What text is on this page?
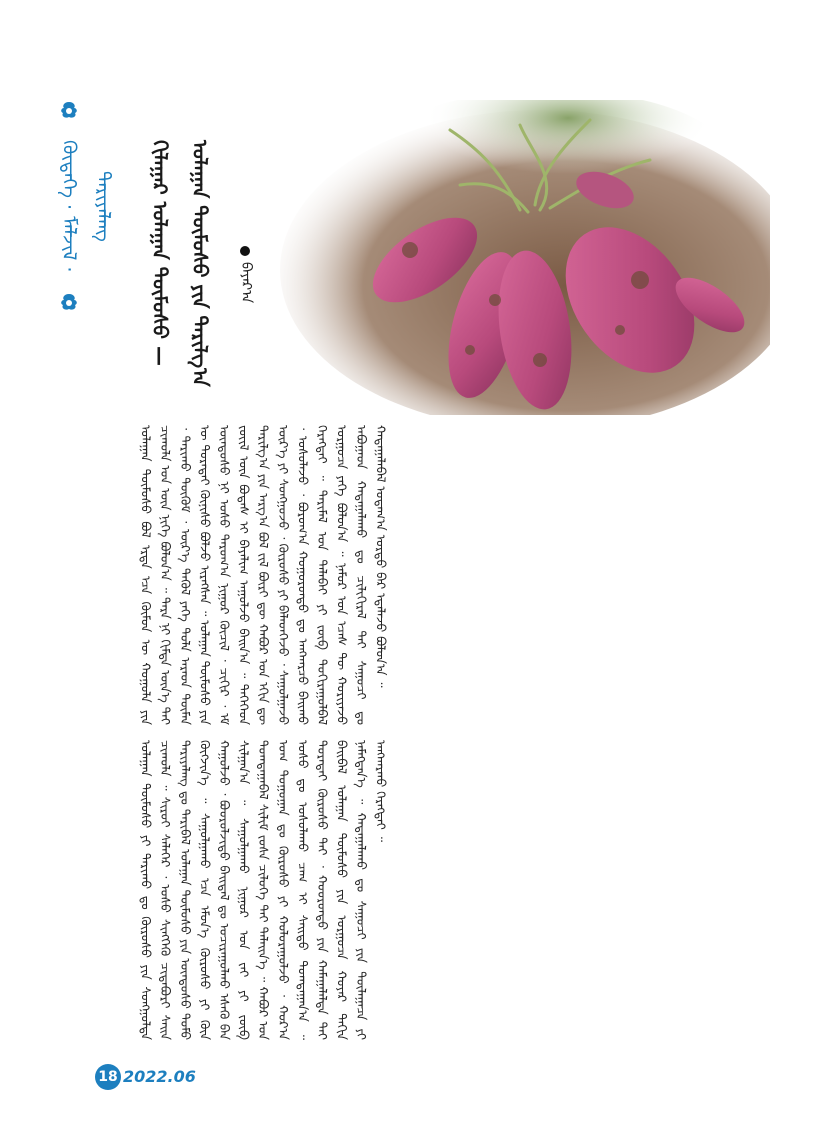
ᠬᠥᠳᠡᠭᠡ · ᠮᠠᠯᠵᠢᠯ · ᠲᠠᠷᠢᠶᠠᠯᠠᠩ	ᠭᠢᠯᠠᠭᠠᠷ ᠤᠯᠠᠭᠠᠨ ᠲᠥᠮᠦᠰᠦ — ᠤᠯᠠᠭᠠᠨ ᠲᠥᠮᠦᠰᠦ ᠶᠢᠨ ᠲᠠᠷᠢᠯᠭ᠎ᠠ	ᠪᠠᠶᠠᠷ᠎ᠠ
ᠤᠯᠠᠭᠠᠨ ᠲᠥᠮᠦᠰᠦ ᠪᠣᠯ ᠡᠷᠲᠡ ᠡᠴᠡ ᠬᠦᠮᠦᠨ ᠦ ᠬᠣᠭᠣᠯᠠ ᠶᠢᠨ ᠴᠢᠬᠤᠯᠠ ᠡᠳ ᠦᠨ ᠨᠢᠭᠡ ᠪᠣᠯᠤᠨ᠎ᠠ ᠃ ᠲᠡᠷᠡ ᠨᠢ ᠬᠢᠮᠳᠠ ᠦᠨ᠎ᠡ ᠲᠡᠢ ᠂ ᠲᠠᠷᠢᠬᠤ ᠳᠥᠭᠦᠮ ᠂ ᠦᠷ᠎ᠡ ᠲᠡᠭᠦᠯ ᠶᠡᠬᠡ ᠲᠤᠯᠠ ᠠᠷᠠᠳ ᠲᠦᠮᠡᠨ ᠦ ᠳᠤᠷᠠᠲᠠᠢ ᠬᠦᠨᠢᠰᠦ ᠪᠣᠯᠵᠤ ᠢᠷᠡᠭᠰᠡᠨ ᠃ ᠤᠯᠠᠭᠠᠨ ᠲᠥᠮᠦᠰᠦ ᠶᠢᠨ ᠦᠨᠳᠦᠰᠦ ᠨᠢ ᠤᠰᠤ ᠲᠠᠷᠤᠭ᠎ᠠ ᠨᠢᠭᠤᠷ ᠬᠦᠴᠢᠯ ᠂ ᠴᠢᠬᠢᠷ ᠂ ᠡᠮ ᠵᠦᠢᠯ ᠦᠨ ᠪᠣᠳᠠᠰ ᠢ ᠪᠠᠶᠠᠯᠢᠭ ᠠᠭᠤᠯᠵᠤ ᠪᠠᠢᠨ᠎ᠠ ᠃ ᠲᠡᠭᠡᠭᠡᠳ ᠲᠠᠷᠢᠯᠭ᠎ᠠ ᠶᠢᠨ ᠠᠷᠭ᠎ᠠ ᠪᠣᠯ ᠵᠢᠯ ᠪᠦᠷᠢ ᠳᠦ ᠬᠠᠪᠤᠷ ᠤᠨ ᠡᠬᠢᠨ ᠳᠦ ᠦᠷ᠎ᠡ ᠶᠢ ᠰᠣᠩᠭᠤᠵᠤ ᠂ ᠬᠥᠷᠦᠰᠦ ᠶᠢ ᠪᠡᠯᠡᠳᠬᠡᠵᠦ ᠂ ᠰᠠᠭᠤᠯᠭᠠᠵᠤ ᠂ ᠤᠰᠤᠯᠠᠵᠤ ᠂ ᠪᠣᠷᠤᠭ᠎ᠠ ᠬᠣᠭᠣᠷᠤᠨᠳᠤ ᠳᠤ ᠠᠩᠬᠠᠷᠴᠤ ᠪᠠᠢᠬᠤ ᠬᠡᠷᠡᠭᠲᠡᠢ ᠃ ᠲᠠᠷᠢᠮᠠᠯ ᠤᠨ ᠲᠠᠯᠠᠪᠠᠢ ᠶᠢ ᠵᠥᠪ ᠲᠣᠬᠢᠷᠠᠭᠤᠯᠪᠠᠯ ᠤᠷᠭᠤᠴᠠ ᠶᠡᠬᠡ ᠪᠣᠯᠤᠨ᠎ᠠ ᠃ ᠨᠠᠮᠤᠷ ᠤᠨ ᠡᠴᠡᠰ ᠲᠦ ᠬᠤᠷᠢᠶᠠᠵᠤ ᠠᠪᠤᠭᠠᠳ ᠬᠠᠳᠠᠭᠠᠯᠠᠬᠤ ᠳᠤ ᠴᠢᠯᠢᠭᠢᠷᠠᠯ ᠲᠠᠢ ᠰᠠᠭᠤᠴᠢ ᠳᠤ ᠬᠠᠳᠠᠭᠠᠯᠠᠪᠠᠯ ᠤᠳᠠᠭ᠎ᠠ ᠤᠷᠲᠤ ᠪᠠᠷ ᠡᠳᠡᠯᠡᠵᠦ ᠪᠣᠯᠤᠨ᠎ᠠ ᠃
ᠤᠯᠠᠭᠠᠨ ᠲᠥᠮᠦᠰᠦ ᠶᠢ ᠲᠠᠷᠢᠬᠤ ᠳᠤ ᠬᠥᠷᠦᠰᠦ ᠶᠢᠨ ᠰᠣᠩᠭᠣᠯᠲᠠ ᠴᠢᠬᠤᠯᠠ ᠃ ᠰᠢᠷᠣᠢ ᠰᠡᠯᠡᠭᠡᠷ ᠂ ᠤᠰᠤ ᠰᠢᠩᠭᠡᠬᠦ ᠴᠢᠳᠠᠪᠤᠷᠢ ᠰᠠᠢᠨ ᠲᠠᠷᠢᠶᠠᠯᠠᠩ ᠳᠤ ᠲᠠᠷᠢᠪᠠᠯ ᠤᠯᠠᠭᠠᠨ ᠲᠥᠮᠦᠰᠦ ᠶᠢᠨ ᠦᠨᠳᠦᠰᠦ ᠲᠣᠮᠣ ᠬᠥᠭᠵᠢᠨ᠎ᠡ ᠃ ᠰᠠᠭᠤᠯᠭᠠᠬᠤ ᠡᠴᠡ ᠡᠮᠦᠨ᠎ᠡ ᠬᠥᠷᠦᠰᠦ ᠶᠢ ᠭᠦᠨ ᠬᠠᠭᠤᠯᠵᠤ ᠂ ᠪᠣᠣᠷᠣᠯᠵᠢᠲᠤ ᠪᠠᠢᠳᠠᠯ ᠳᠤ ᠤᠴᠢᠷᠠᠭᠤᠯᠬᠤ ᠡᠰᠡᠬᠦ ᠪᠠᠨ ᠰᠢᠯᠭᠠᠨ᠎ᠠ ᠃ ᠰᠠᠭᠤᠯᠭᠠᠬᠤ ᠨᠢᠭᠤᠷ ᠤᠨ ᠵᠠᠢ ᠶᠢ ᠵᠥᠪ ᠲᠣᠭᠲᠠᠭᠠᠪᠠᠯ ᠰᠢᠯᠢᠮ ᠵᠤᠰᠠ ᠴᠢᠯᠦᠭᠡ ᠲᠡᠢ ᠲᠡᠯᠡᠢᠨ᠎ᠡ ᠃ ᠬᠠᠪᠤᠷ ᠤᠨ ᠤᠭ ᠲᠣᠭᠤᠭᠠᠨ ᠳᠤ ᠬᠥᠷᠦᠰᠦ ᠶᠢ ᠬᠤᠯᠤᠷᠠᠭᠤᠯᠵᠤ ᠂ ᠬᠤᠷ᠎ᠠ ᠤᠰᠤ ᠳᠤ ᠤᠰᠤᠯᠠᠬᠤ ᠴᠠᠭ ᠢ ᠰᠠᠢᠲᠤ ᠲᠣᠭᠲᠠᠭᠠᠨ᠎ᠠ ᠃ ᠳᠤᠷᠠᠲᠠᠢ ᠬᠥᠷᠦᠰᠦ ᠲᠡᠢ ᠂ ᠬᠣᠣᠷᠤᠨᠳᠤ ᠶᠢᠨ ᠬᠠᠮᠠᠭᠠᠯᠠᠯᠲᠠ ᠲᠡᠢ ᠪᠠᠢᠪᠠᠯ ᠤᠯᠠᠭᠠᠨ ᠲᠥᠮᠦᠰᠦ ᠶᠢᠨ ᠤᠷᠭᠤᠴᠠ ᠬᠣᠶᠠᠷ ᠳᠠᠬᠢᠨ ᠨᠡᠮᠡᠭᠳᠡᠨ᠎ᠡ ᠃ ᠬᠠᠳᠠᠭᠠᠯᠠᠬᠤ ᠳᠤ ᠰᠠᠭᠤᠴᠢ ᠶᠢᠨ ᠳᠦᠯᠠᠭᠠᠴᠠ ᠶᠢ ᠠᠩᠬᠠᠷᠬᠤ ᠬᠡᠷᠡᠭᠲᠡᠢ ᠃
18 2022.06
